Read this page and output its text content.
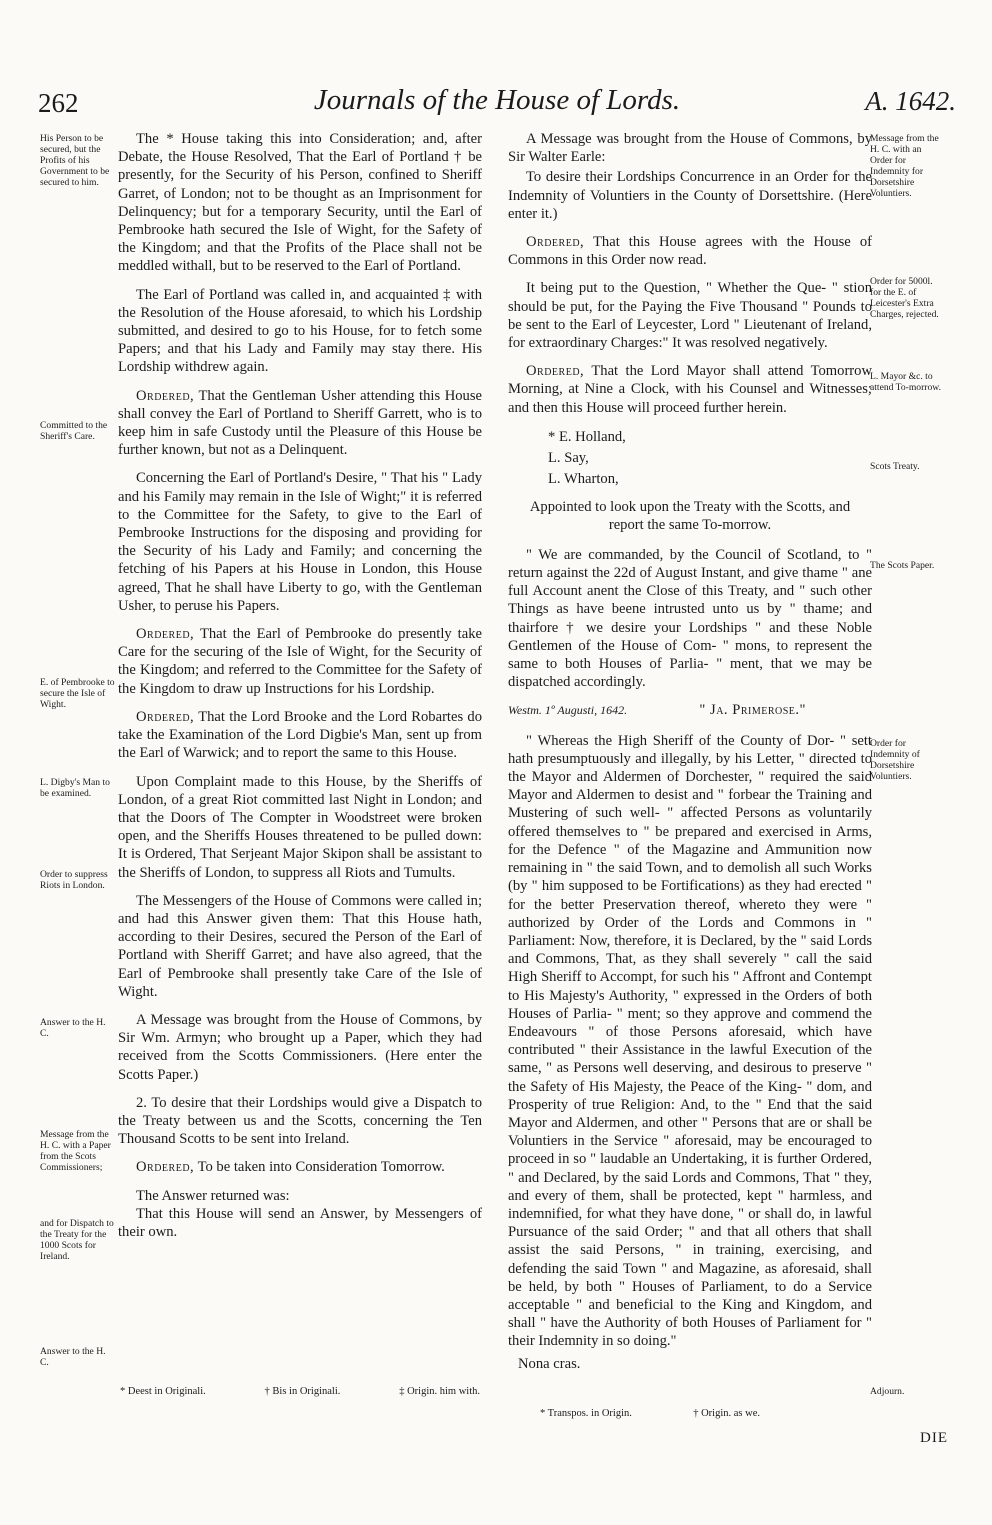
262	Journals of the House of Lords.	A. 1642.
His Person to be secured, but the Profits of his Government to be secured to him.
Committed to the Sheriff's Care.
E. of Pembrooke to secure the Isle of Wight.
L. Digby's Man to be examined.
Order to suppress Riots in London.
Answer to the H. C.
Message from the H. C. with a Paper from the Scots Commissioners;
and for Dispatch to the Treaty for the 1000 Scots for Ireland.
Answer to the H. C.
Message from the H. C. with an Order for Indemnity for Dorsetshire Voluntiers.
Order for 5000l. for the E. of Leicester's Extra Charges, rejected.
L. Mayor &c. to attend To-morrow.
Scots Treaty.
The Scots Paper.
Order for Indemnity of Dorsetshire Voluntiers.
Adjourn.

The * House taking this into Consideration; and, after Debate, the House Resolved, That the Earl of Portland † be presently, for the Security of his Person, confined to Sheriff Garret, of London; not to be thought as an Imprisonment for Delinquency; but for a temporary Security, until the Earl of Pembrooke hath secured the Isle of Wight, for the Safety of the Kingdom; and that the Profits of the Place shall not be meddled withall, but to be reserved to the Earl of Portland.

The Earl of Portland was called in, and acquainted ‡ with the Resolution of the House aforesaid, to which his Lordship submitted, and desired to go to his House, for to fetch some Papers; and that his Lady and Family may stay there. His Lordship withdrew again.

Ordered, That the Gentleman Usher attending this House shall convey the Earl of Portland to Sheriff Garrett, who is to keep him in safe Custody until the Pleasure of this House be further known, but not as a Delinquent.

Concerning the Earl of Portland's Desire, " That his " Lady and his Family may remain in the Isle of Wight;" it is referred to the Committee for the Safety, to give to the Earl of Pembrooke Instructions for the disposing and providing for the Security of his Lady and Family; and concerning the fetching of his Papers at his House in London, this House agreed, That he shall have Liberty to go, with the Gentleman Usher, to peruse his Papers.

Ordered, That the Earl of Pembrooke do presently take Care for the securing of the Isle of Wight, for the Security of the Kingdom; and referred to the Committee for the Safety of the Kingdom to draw up Instructions for his Lordship.

Ordered, That the Lord Brooke and the Lord Robartes do take the Examination of the Lord Digbie's Man, sent up from the Earl of Warwick; and to report the same to this House.

Upon Complaint made to this House, by the Sheriffs of London, of a great Riot committed last Night in London; and that the Doors of The Compter in Woodstreet were broken open, and the Sheriffs Houses threatened to be pulled down: It is Ordered, That Serjeant Major Skipon shall be assistant to the Sheriffs of London, to suppress all Riots and Tumults.

The Messengers of the House of Commons were called in; and had this Answer given them: That this House hath, according to their Desires, secured the Person of the Earl of Portland with Sheriff Garret; and have also agreed, that the Earl of Pembrooke shall presently take Care of the Isle of Wight.

A Message was brought from the House of Commons, by Sir Wm. Armyn; who brought up a Paper, which they had received from the Scotts Commissioners. (Here enter the Scotts Paper.)

2. To desire that their Lordships would give a Dispatch to the Treaty between us and the Scotts, concerning the Ten Thousand Scotts to be sent into Ireland.

Ordered, To be taken into Consideration Tomorrow.

The Answer returned was:

That this House will send an Answer, by Messengers of their own.

A Message was brought from the House of Commons, by Sir Walter Earle:

To desire their Lordships Concurrence in an Order for the Indemnity of Voluntiers in the County of Dorsettshire. (Here enter it.)

Ordered, That this House agrees with the House of Commons in this Order now read.

It being put to the Question, " Whether the Que- " stion should be put, for the Paying the Five Thousand " Pounds to be sent to the Earl of Leycester, Lord " Lieutenant of Ireland, for extraordinary Charges:" It was resolved negatively.

Ordered, That the Lord Mayor shall attend Tomorrow Morning, at Nine a Clock, with his Counsel and Witnesses; and then this House will proceed further herein.

* E. Holland,
L. Say,
L. Wharton,

Appointed to look upon the Treaty with the Scotts, and report the same To-morrow.

" We are commanded, by the Council of Scotland, to " return against the 22d of August Instant, and give thame " ane full Account anent the Close of this Treaty, and " such other Things as have beene intrusted unto us by " thame; and thairfore † we desire your Lordships " and these Noble Gentlemen of the House of Com- " mons, to represent the same to both Houses of Parlia- " ment, that we may be dispatched accordingly.

Westm. 1º Augusti, 1642.	" Ja. Primerose."

" Whereas the High Sheriff of the County of Dor- " sett hath presumptuously and illegally, by his Letter, " directed to the Mayor and Aldermen of Dorchester, " required the said Mayor and Aldermen to desist and " forbear the Training and Mustering of such well- " affected Persons as voluntarily offered themselves to " be prepared and exercised in Arms, for the Defence " of the Magazine and Ammunition now remaining in " the said Town, and to demolish all such Works (by " him supposed to be Fortifications) as they had erected " for the better Preservation thereof, whereto they were " authorized by Order of the Lords and Commons in " Parliament: Now, therefore, it is Declared, by the " said Lords and Commons, That, as they shall severely " call the said High Sheriff to Accompt, for such his " Affront and Contempt to His Majesty's Authority, " expressed in the Orders of both Houses of Parlia- " ment; so they approve and commend the Endeavours " of those Persons aforesaid, which have contributed " their Assistance in the lawful Execution of the same, " as Persons well deserving, and desirous to preserve " the Safety of His Majesty, the Peace of the King- " dom, and Prosperity of true Religion: And, to the " End that the said Mayor and Aldermen, and other " Persons that are or shall be Voluntiers in the Service " aforesaid, may be encouraged to proceed in so " laudable an Undertaking, it is further Ordered, " and Declared, by the said Lords and Commons, That " they, and every of them, shall be protected, kept " harmless, and indemnified, for what they have done, " or shall do, in lawful Pursuance of the said Order; " and that all others that shall assist the said Persons, " in training, exercising, and defending the said Town " and Magazine, as aforesaid, shall be held, by both " Houses of Parliament, to do a Service acceptable " and beneficial to the King and Kingdom, and shall " have the Authority of both Houses of Parliament for " their Indemnity in so doing."

Nona cras.
* Deest in Originali.	† Bis in Originali.	‡ Origin. him with.
* Transpos. in Origin.	† Origin. as we.
DIE
